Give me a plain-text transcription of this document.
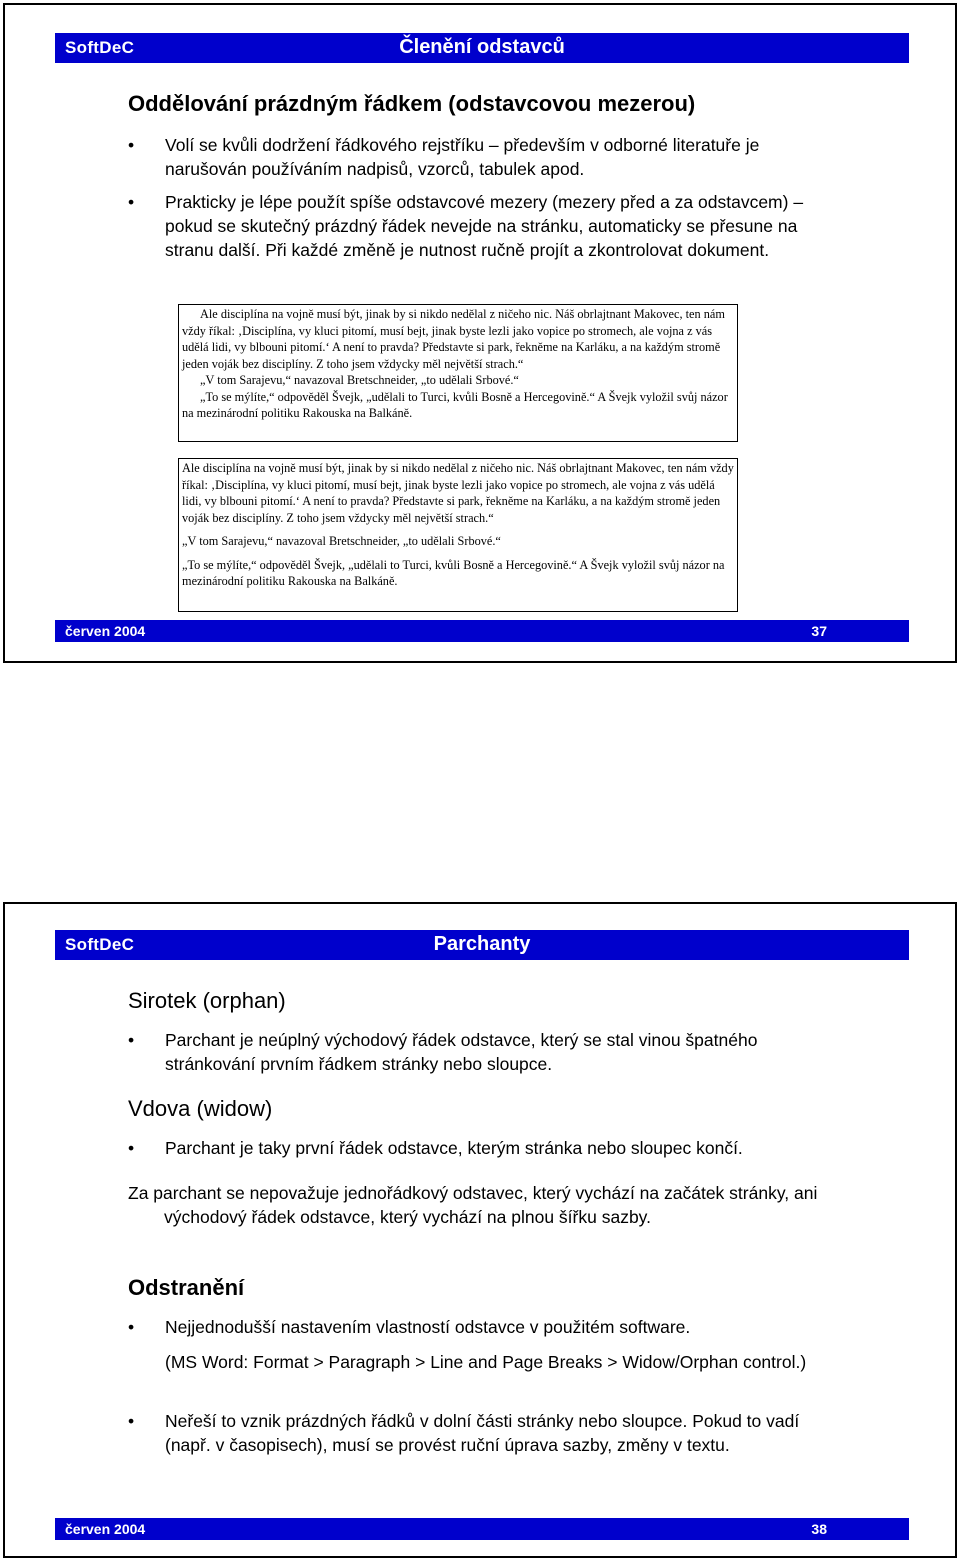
SoftDeC	Členění odstavců
Oddělování prázdným řádkem (odstavcovou mezerou)
• Volí se kvůli dodržení řádkového rejstříku – především v odborné literatuře je narušován používáním nadpisů, vzorců, tabulek apod.
• Prakticky je lépe použít spíše odstavcové mezery (mezery před a za odstavcem) – pokud se skutečný prázdný řádek nevejde na stránku, automaticky se přesune na stranu další. Při každé změně je nutnost ručně projít a zkontrolovat dokument.

Ale disciplína na vojně musí být, jinak by si nikdo nedělal z ničeho nic. Náš obrlajtnant Makovec, ten nám vždy říkal: ‚Disciplína, vy kluci pitomí, musí bejt, jinak byste lezli jako vopice po stromech, ale vojna z vás udělá lidi, vy blbouni pitomí.‘ A není to pravda? Představte si park, řekněme na Karláku, a na každým stromě jeden voják bez disciplíny. Z toho jsem vždycky měl největší strach.“

„V tom Sarajevu,“ navazoval Bretschneider, „to udělali Srbové.“

„To se mýlíte,“ odpověděl Švejk, „udělali to Turci, kvůli Bosně a Hercegovině.“ A Švejk vyložil svůj názor na mezinárodní politiku Rakouska na Balkáně.

Ale disciplína na vojně musí být, jinak by si nikdo nedělal z ničeho nic. Náš obrlajtnant Makovec, ten nám vždy říkal: ‚Disciplína, vy kluci pitomí, musí bejt, jinak byste lezli jako vopice po stromech, ale vojna z vás udělá lidi, vy blbouni pitomí.‘ A není to pravda? Představte si park, řekněme na Karláku, a na každým stromě jeden voják bez disciplíny. Z toho jsem vždycky měl největší strach.“

„V tom Sarajevu,“ navazoval Bretschneider, „to udělali Srbové.“

„To se mýlíte,“ odpověděl Švejk, „udělali to Turci, kvůli Bosně a Hercegovině.“ A Švejk vyložil svůj názor na mezinárodní politiku Rakouska na Balkáně.

červen 2004	37
SoftDeC	Parchanty
Sirotek (orphan)
• Parchant je neúplný východový řádek odstavce, který se stal vinou špatného stránkování prvním řádkem stránky nebo sloupce.
Vdova (widow)
• Parchant je taky první řádek odstavce, kterým stránka nebo sloupec končí.
Za parchant se nepovažuje jednořádkový odstavec, který vychází na začátek stránky, ani východový řádek odstavce, který vychází na plnou šířku sazby.
Odstranění
• Nejjednodušší nastavením vlastností odstavce v použitém software.
(MS Word: Format > Paragraph > Line and Page Breaks > Widow/Orphan control.)
• Neřeší to vznik prázdných řádků v dolní části stránky nebo sloupce. Pokud to vadí (např. v časopisech), musí se provést ruční úprava sazby, změny v textu.
červen 2004	38
